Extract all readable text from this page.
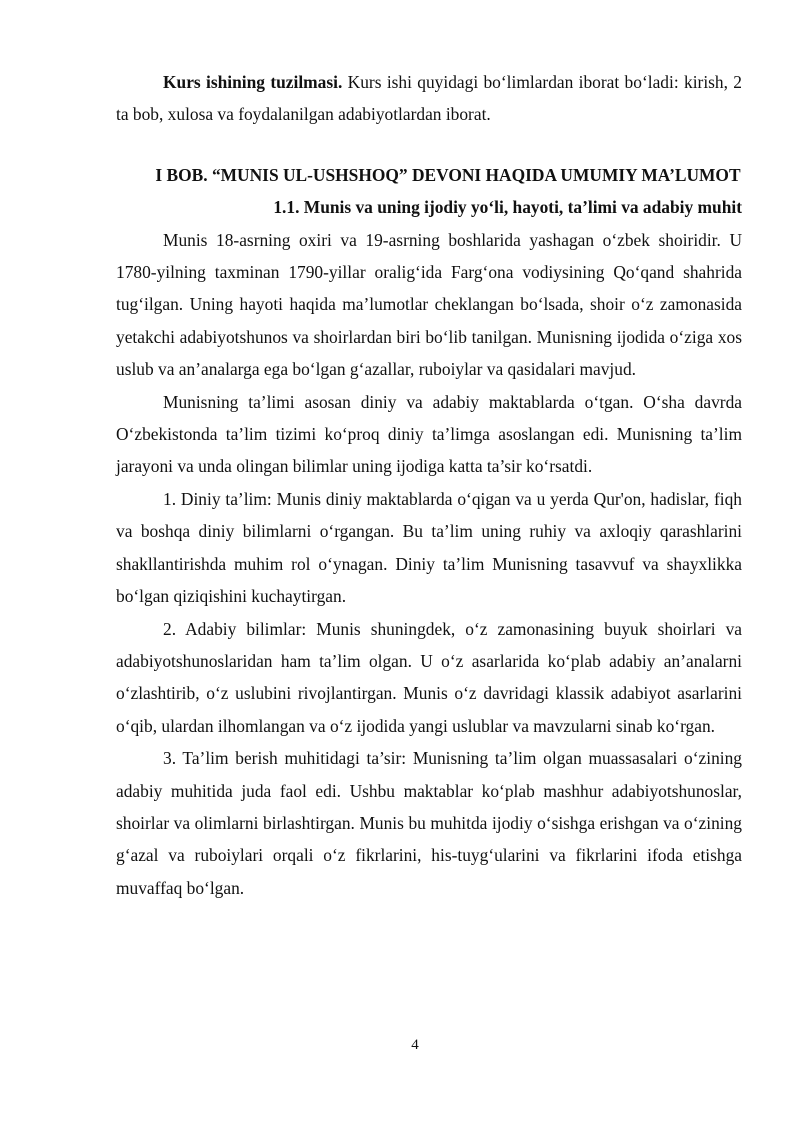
Kurs ishining tuzilmasi. Kurs ishi quyidagi bo‘limlardan iborat bo‘ladi: kirish, 2 ta bob, xulosa va foydalanilgan adabiyotlardan iborat.

I BOB. “MUNIS UL-USHSHOQ” DEVONI HAQIDA UMUMIY MA’LUMOT
1.1. Munis va uning ijodiy yo‘li, hayoti, ta’limi va adabiy muhit

Munis 18-asrning oxiri va 19-asrning boshlarida yashagan o‘zbek shoiridir. U 1780-yilning taxminan 1790-yillar oralig‘ida Farg‘ona vodiysining Qo‘qand shahrida tug‘ilgan. Uning hayoti haqida ma’lumotlar cheklangan bo‘lsada, shoir o‘z zamonasida yetakchi adabiyotshunos va shoirlardan biri bo‘lib tanilgan. Munisning ijodida o‘ziga xos uslub va an’analarga ega bo‘lgan g‘azallar, ruboiylar va qasidalari mavjud.

Munisning ta’limi asosan diniy va adabiy maktablarda o‘tgan. O‘sha davrda O‘zbekistonda ta’lim tizimi ko‘proq diniy ta’limga asoslangan edi. Munisning ta’lim jarayoni va unda olingan bilimlar uning ijodiga katta ta’sir ko‘rsatdi.

1. Diniy ta’lim: Munis diniy maktablarda o‘qigan va u yerda Qur'on, hadislar, fiqh va boshqa diniy bilimlarni o‘rgangan. Bu ta’lim uning ruhiy va axloqiy qarashlarini shakllantirishda muhim rol o‘ynagan. Diniy ta’lim Munisning tasavvuf va shayxlikka bo‘lgan qiziqishini kuchaytirgan.

2. Adabiy bilimlar: Munis shuningdek, o‘z zamonasining buyuk shoirlari va adabiyotshunoslaridan ham ta’lim olgan. U o‘z asarlarida ko‘plab adabiy an’analarni o‘zlashtirib, o‘z uslubini rivojlantirgan. Munis o‘z davridagi klassik adabiyot asarlarini o‘qib, ulardan ilhomlangan va o‘z ijodida yangi uslublar va mavzularni sinab ko‘rgan.

3. Ta’lim berish muhitidagi ta’sir: Munisning ta’lim olgan muassasalari o‘zining adabiy muhitida juda faol edi. Ushbu maktablar ko‘plab mashhur adabiyotshunoslar, shoirlar va olimlarni birlashtirgan. Munis bu muhitda ijodiy o‘sishga erishgan va o‘zining g‘azal va ruboiylari orqali o‘z fikrlarini, his-tuyg‘ularini va fikrlarini ifoda etishga muvaffaq bo‘lgan.

4
